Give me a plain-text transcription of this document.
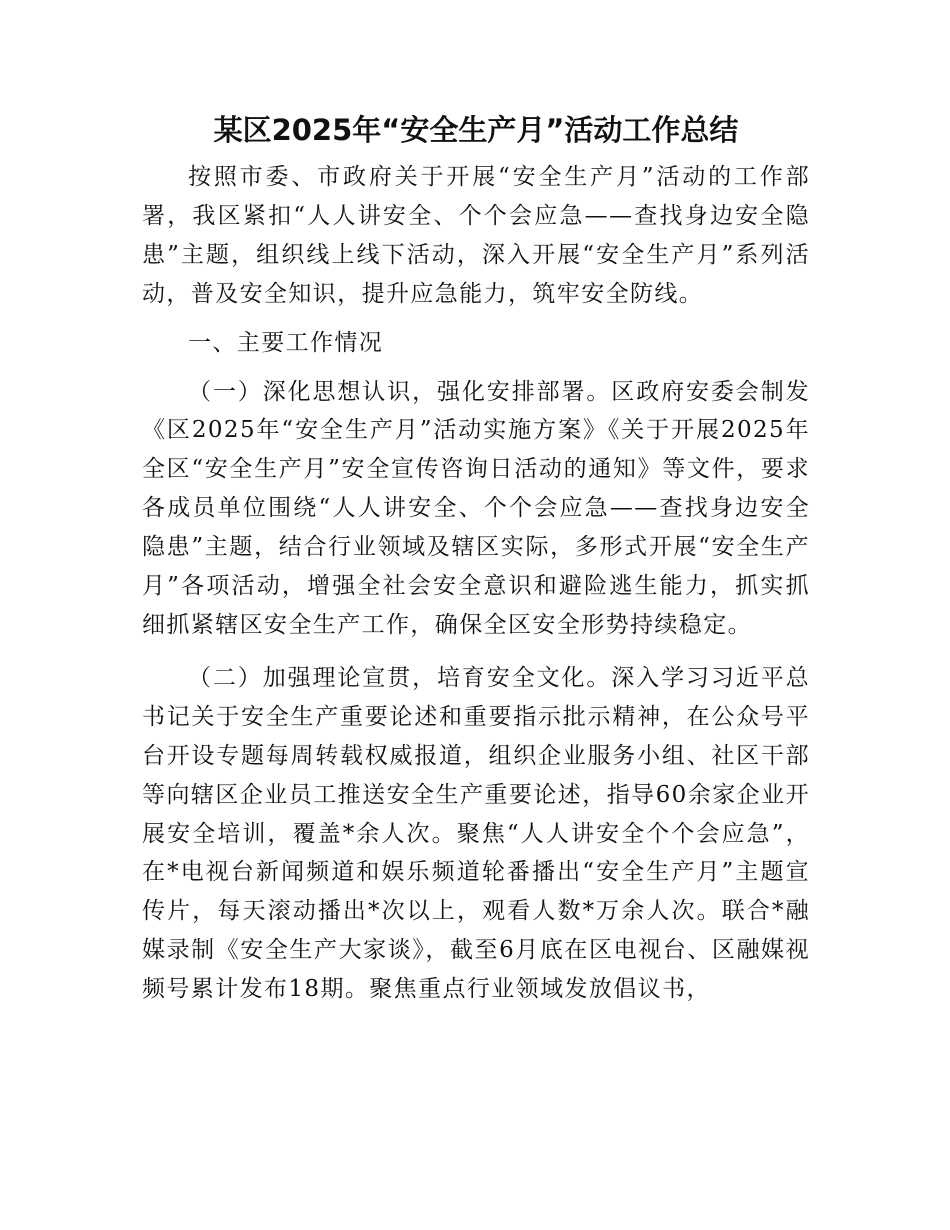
某区2025年“安全生产月”活动工作总结

按照市委、市政府关于开展“安全生产月”活动的工作部署，我区紧扣“人人讲安全、个个会应急——查找身边安全隐患”主题，组织线上线下活动，深入开展“安全生产月”系列活动，普及安全知识，提升应急能力，筑牢安全防线。

一、主要工作情况

（一）深化思想认识，强化安排部署。区政府安委会制发《区2025年“安全生产月”活动实施方案》《关于开展2025年全区“安全生产月”安全宣传咨询日活动的通知》等文件，要求各成员单位围绕“人人讲安全、个个会应急——查找身边安全隐患”主题，结合行业领域及辖区实际，多形式开展“安全生产月”各项活动，增强全社会安全意识和避险逃生能力，抓实抓细抓紧辖区安全生产工作，确保全区安全形势持续稳定。

（二）加强理论宣贯，培育安全文化。深入学习习近平总书记关于安全生产重要论述和重要指示批示精神，在公众号平台开设专题每周转载权威报道，组织企业服务小组、社区干部等向辖区企业员工推送安全生产重要论述，指导60余家企业开展安全培训，覆盖*余人次。聚焦“人人讲安全个个会应急”，在*电视台新闻频道和娱乐频道轮番播出“安全生产月”主题宣传片，每天滚动播出*次以上，观看人数*万余人次。联合*融媒录制《安全生产大家谈》，截至6月底在区电视台、区融媒视频号累计发布18期。聚焦重点行业领域发放倡议书，
